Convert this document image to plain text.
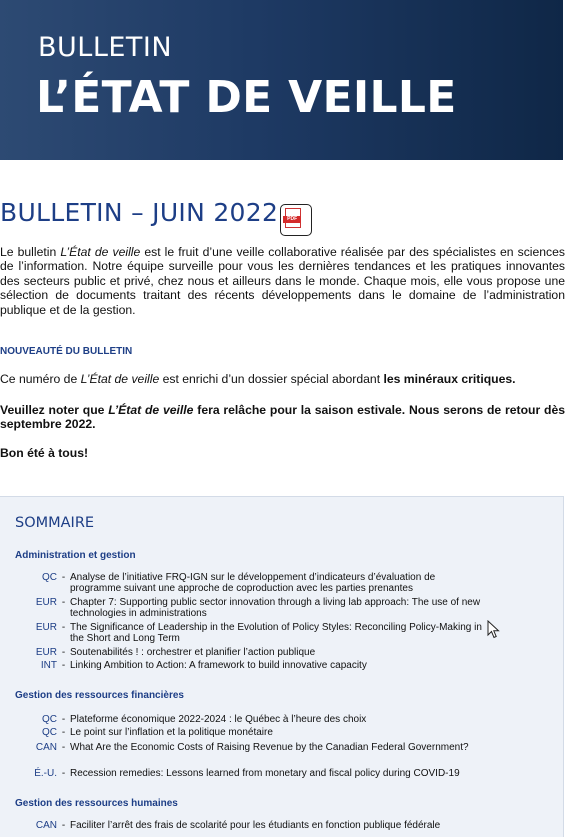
BULLETIN
L’ÉTAT DE VEILLE
BULLETIN – JUIN 2022	PDF
Le bulletin L’État de veille est le fruit d’une veille collaborative réalisée par des spécialistes en sciences de l’information. Notre équipe surveille pour vous les dernières tendances et les pratiques innovantes des secteurs public et privé, chez nous et ailleurs dans le monde. Chaque mois, elle vous propose une sélection de documents traitant des récents développements dans le domaine de l’administration publique et de la gestion.
NOUVEAUTÉ DU BULLETIN
Ce numéro de L’État de veille est enrichi d’un dossier spécial abordant les minéraux critiques.
Veuillez noter que L’État de veille fera relâche pour la saison estivale. Nous serons de retour dès septembre 2022.
Bon été à tous!
SOMMAIRE
Administration et gestion
QC - Analyse de l’initiative FRQ-IGN sur le développement d’indicateurs d’évaluation de programme suivant une approche de coproduction avec les parties prenantes
EUR - Chapter 7: Supporting public sector innovation through a living lab approach: The use of new technologies in administrations
EUR - The Significance of Leadership in the Evolution of Policy Styles: Reconciling Policy-Making in the Short and Long Term
EUR - Soutenabilités ! : orchestrer et planifier l’action publique
INT - Linking Ambition to Action: A framework to build innovative capacity
Gestion des ressources financières
QC - Plateforme économique 2022-2024 : le Québec à l’heure des choix
QC - Le point sur l’inflation et la politique monétaire
CAN - What Are the Economic Costs of Raising Revenue by the Canadian Federal Government?
É.-U. - Recession remedies: Lessons learned from monetary and fiscal policy during COVID-19
Gestion des ressources humaines
CAN - Faciliter l’arrêt des frais de scolarité pour les étudiants en fonction publique fédérale
